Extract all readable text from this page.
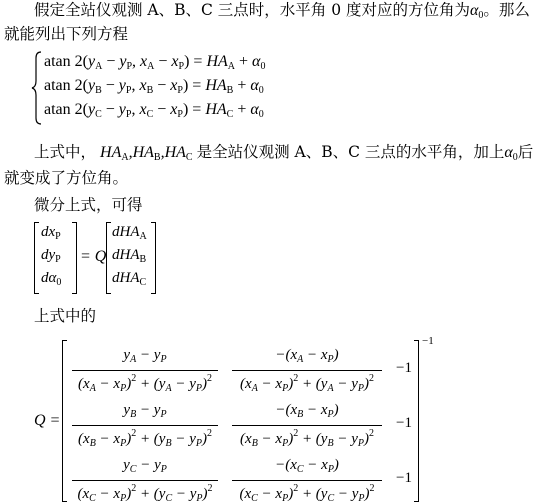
假定全站仪观测 A、B、C 三点时，水平角 0 度对应的方位角为$\alpha_0$。那么
就能列出下列方程
atan 2(yA − yP, xA − xP) = HAA + $\alpha_0$
atan 2(yB − yP, xB − xP) = HAB + $\alpha_0$
atan 2(yC − yP, xC − xP) = HAC + $\alpha_0$
上式中， $HA_A,HA_B,HA_C$ 是全站仪观测 A、B、C 三点的水平角，加上$\alpha_0$后
就变成了方位角。
微分上式，可得
$dx_P$
$dy_P$
$d\alpha_0$
= Q
dHA$_A$
dHA$_B$
dHA$_C$
上式中的
Q =
−1
$y_A - y_P$
$(x_A - x_P)^2 + (y_A - y_P)^2$
$-(x_A - x_P)$
$(x_A - x_P)^2 + (y_A - y_P)^2$
−1
$y_B - y_P$
$(x_B - x_P)^2 + (y_B - y_P)^2$
$-(x_B - x_P)$
$(x_B - x_P)^2 + (y_B - y_P)^2$
−1
$y_C - y_P$
$(x_C - x_P)^2 + (y_C - y_P)^2$
$-(x_C - x_P)$
$(x_C - x_P)^2 + (y_C - y_P)^2$
−1
